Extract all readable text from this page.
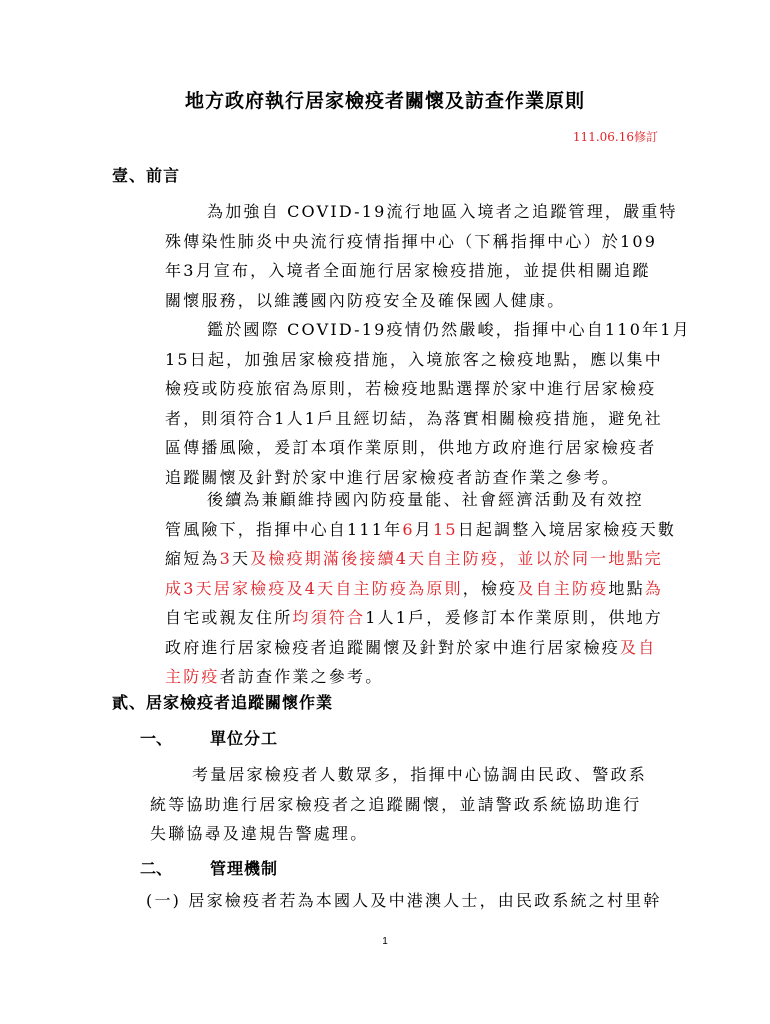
地方政府執行居家檢疫者關懷及訪查作業原則
111.06.16修訂
壹、前言
為加強自 COVID-19流行地區入境者之追蹤管理，嚴重特
殊傳染性肺炎中央流行疫情指揮中心（下稱指揮中心）於109
年3月宣布，入境者全面施行居家檢疫措施，並提供相關追蹤
關懷服務，以維護國內防疫安全及確保國人健康。
鑑於國際 COVID-19疫情仍然嚴峻，指揮中心自110年1月
15日起，加強居家檢疫措施，入境旅客之檢疫地點，應以集中
檢疫或防疫旅宿為原則，若檢疫地點選擇於家中進行居家檢疫
者，則須符合1人1戶且經切結，為落實相關檢疫措施，避免社
區傳播風險，爰訂本項作業原則，供地方政府進行居家檢疫者
追蹤關懷及針對於家中進行居家檢疫者訪查作業之參考。
後續為兼顧維持國內防疫量能、社會經濟活動及有效控
管風險下，指揮中心自111年6月15日起調整入境居家檢疫天數
縮短為3天及檢疫期滿後接續4天自主防疫，並以於同一地點完
成3天居家檢疫及4天自主防疫為原則，檢疫及自主防疫地點為
自宅或親友住所均須符合1人1戶，爰修訂本作業原則，供地方
政府進行居家檢疫者追蹤關懷及針對於家中進行居家檢疫及自
主防疫者訪查作業之參考。
貳、居家檢疫者追蹤關懷作業
一、 單位分工
考量居家檢疫者人數眾多，指揮中心協調由民政、警政系
統等協助進行居家檢疫者之追蹤關懷，並請警政系統協助進行
失聯協尋及違規告警處理。
二、 管理機制
(一) 居家檢疫者若為本國人及中港澳人士，由民政系統之村里幹
1
